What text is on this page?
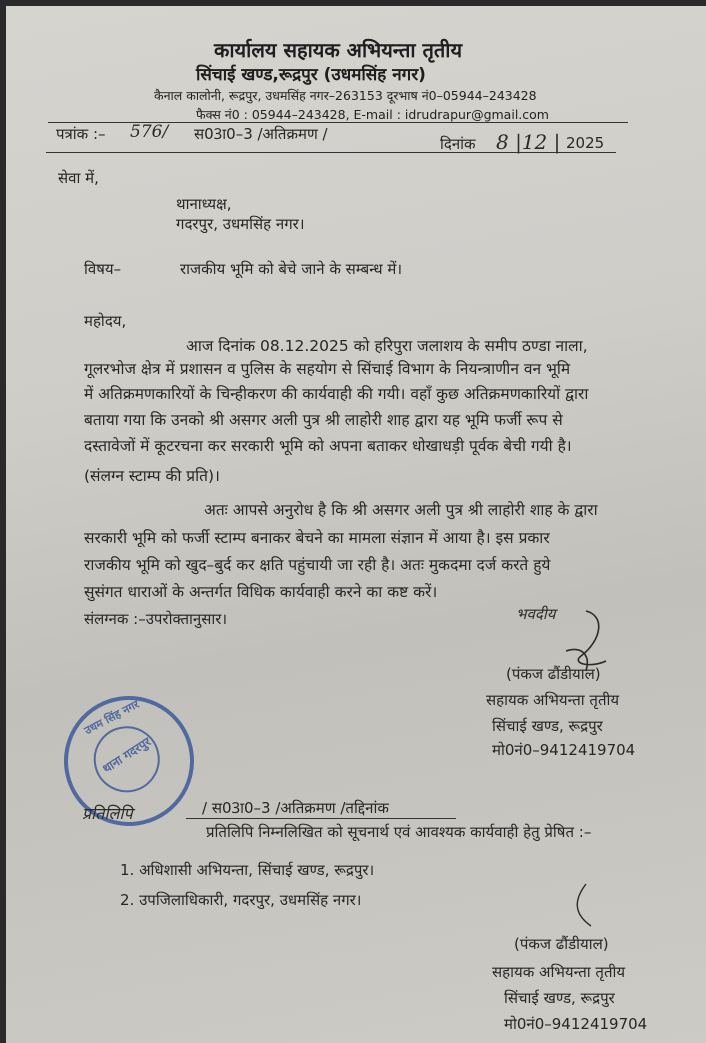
कार्यालय सहायक अभियन्ता तृतीय
सिंचाई खण्ड,रूद्रपुर (उधमसिंह नगर)
कैनाल कालोनी, रूद्रपुर, उधमसिंह नगर–263153 दूरभाष नं0–05944–243428
फैक्स नं0 : 05944–243428, E-mail : idrudrapur@gmail.com
पत्रांक :– 576/ स03ा0–3 /अतिक्रमण /
दिनांक 8 |12 | 2025
सेवा में,
थानाध्यक्ष,
गदरपुर, उधमसिंह नगर।
विषय–	राजकीय भूमि को बेचे जाने के सम्बन्ध में।
महोदय,
आज दिनांक 08.12.2025 को हरिपुरा जलाशय के समीप ठण्डा नाला,
गूलरभोज क्षेत्र में प्रशासन व पुलिस के सहयोग से सिंचाई विभाग के नियन्त्राणीन वन भूमि
में अतिक्रमणकारियों के चिन्हीकरण की कार्यवाही की गयी। वहाँ कुछ अतिक्रमणकारियों द्वारा
बताया गया कि उनको श्री असगर अली पुत्र श्री लाहोरी शाह द्वारा यह भूमि फर्जी रूप से
दस्तावेजों में कूटरचना कर सरकारी भूमि को अपना बताकर धोखाधड़ी पूर्वक बेची गयी है।
(संलग्न स्टाम्प की प्रति)।
अतः आपसे अनुरोध है कि श्री असगर अली पुत्र श्री लाहोरी शाह के द्वारा
सरकारी भूमि को फर्जी स्टाम्प बनाकर बेचने का मामला संज्ञान में आया है। इस प्रकार
राजकीय भूमि को खुद–बुर्द कर क्षति पहुंचायी जा रही है। अतः मुकदमा दर्ज करते हुये
सुसंगत धाराओं के अन्तर्गत विधिक कार्यवाही करने का कष्ट करें।
संलग्नक :–उपरोक्तानुसार।	भवदीय
(पंकज ढौंडीयाल)
सहायक अभियन्ता तृतीय
सिंचाई खण्ड, रूद्रपुर
मो0नं0–9412419704
उधम सिंह नगर
थाना गदरपुर
प्रतिलिपि	/ स03ा0–3 /अतिक्रमण /तद्दिनांक
प्रतिलिपि निम्नलिखित को सूचनार्थ एवं आवश्यक कार्यवाही हेतु प्रेषित :–
1. अधिशासी अभियन्ता, सिंचाई खण्ड, रूद्रपुर।
2. उपजिलाधिकारी, गदरपुर, उधमसिंह नगर।
(पंकज ढौंडीयाल)
सहायक अभियन्ता तृतीय
सिंचाई खण्ड, रूद्रपुर
मो0नं0–9412419704
